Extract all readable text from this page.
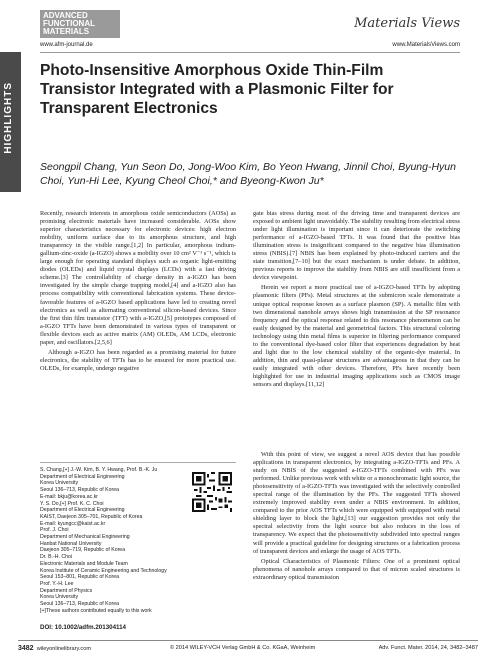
HIGHLIGHTS
ADVANCED FUNCTIONAL MATERIALS
www.afm-journal.de
Materials Views
www.MaterialsViews.com
Photo-Insensitive Amorphous Oxide Thin-Film Transistor Integrated with a Plasmonic Filter for Transparent Electronics
Seongpil Chang, Yun Seon Do, Jong-Woo Kim, Bo Yeon Hwang, Jinnil Choi, Byung-Hyun Choi, Yun-Hi Lee, Kyung Cheol Choi,* and Byeong-Kwon Ju*

Recently, research interests in amorphous oxide semiconductors (AOSs) as promising electronic materials have increased considerable. AOSs show superior characteristics necessary for electronic devices: high electron mobility, uniform surface due to its amorphous structure, and high transparency in the visible range.[1,2] In particular, amorphous indium-gallium-zinc-oxide (a-IGZO) shows a mobility over 10 cm² V⁻¹ s⁻¹, which is large enough for operating standard displays such as organic light-emitting diodes (OLEDs) and liquid crystal displays (LCDs) with a fast driving scheme.[3] The controllability of charge density in a-IGZO has been investigated by the simple charge trapping model,[4] and a-IGZO also has process compatibility with conventional fabrication systems. These device-favorable features of a-IGZO based applications have led to creating novel electronics as well as alternating conventional silicon-based devices. Since the first thin film transistor (TFT) with a-IGZO,[5] prototypes composed of a-IGZO TFTs have been demonstrated in various types of transparent or flexible devices such as active matrix (AM) OLEDs, AM LCDs, electronic paper, and oscillators.[2,5,6]

Although a-IGZO has been regarded as a promising material for future electronics, the stability of TFTs has to be ensured for more practical use. OLEDs, for example, undergo negative

gate bias stress during most of the driving time and transparent devices are exposed to ambient light unavoidably. The stability resulting from electrical stress under light illumination is important since it can deteriorate the switching performance of a-IGZO-based TFTs. It was found that the positive bias illumination stress is insignificant compared to the negative bias illumination stress (NBIS).[7] NBIS has been explained by photo-induced carriers and the state transition,[7–10] but the exact mechanism is under debate. In addition, previous reports to improve the stability from NBIS are still insufficient from a device viewpoint.

Herein we report a more practical use of a-IGZO-based TFTs by adopting plasmonic filters (PFs). Metal structures at the submicron scale demonstrate a unique optical response known as a surface plasmon (SP). A metallic film with two dimensional nanohole arrays shows high transmission at the SP resonance frequency and the optical response related to this resonance phenomenon can be easily designed by the material and geometrical factors. This structural coloring technology using thin metal films is superior in filtering performance compared to the conventional dye-based color filter that experiences degradation by heat and light due to the low chemical stability of the organic-dye material. In addition, thin and quasi-planar structures are advantageous in that they can be easily integrated with other devices. Therefore, PFs have recently been highlighted for use in industrial imaging applications such as CMOS image sensors and displays.[11,12]

With this point of view, we suggest a novel AOS device that has possible applications in transparent electronics, by integrating a-IGZO-TFTs and PFs. A study on NBIS of the suggested a-IGZO-TFTs combined with PFs was performed. Unlike previous work with white or a monochromatic light source, the photosensitivity of a-IGZO-TFTs was investigated with the selectively controlled spectral range of the illumination by the PFs. The suggested TFTs showed extremely improved stability even under a NBIS environment. In addition, compared to the prior AOS TFTs which were equipped with equipped with metal shielding layer to block the light,[13] our suggestion provides not only the spectral selectivity from the light source but also reduces in the loss of transparency. We expect that the photosensitivity subdivided into spectral ranges will provide a practical guideline for designing structures or a fabrication process of transparent devices and enlarge the usage of AOS TFTs.

Optical Characteristics of Plasmonic Filters: One of a prominent optical phenomena of nanohole arrays compared to that of micron scaled structures is extraordinary optical transmission

S. Chang,[+] J.-W. Kim, B. Y. Hwang, Prof. B.-K. Ju
Department of Electrical Engineering
Korea University
Seoul 136–713, Republic of Korea
E-mail: bkju@korea.ac.kr
Y. S. Do,[+] Prof. K. C. Choi
Department of Electrical Engineering
KAIST, Daejeon 305–701, Republic of Korea
E-mail: kyungcc@kaist.ac.kr
Prof. J. Choi
Department of Mechanical Engineering
Hanbat National University
Daejeon 305–719, Republic of Korea
Dr. B.-H. Choi
Electronic Materials and Module Team
Korea Institute of Ceramic Engineering and Technology
Seoul 153–801, Republic of Korea
Prof. Y.-H. Lee
Department of Physics
Korea University
Seoul 136–713, Republic of Korea
[+]These authors contributed equally to this work
DOI: 10.1002/adfm.201304114
3482 wileyonlinelibrary.com	© 2014 WILEY-VCH Verlag GmbH & Co. KGaA, Weinheim	Adv. Funct. Mater. 2014, 24, 3482–3487
